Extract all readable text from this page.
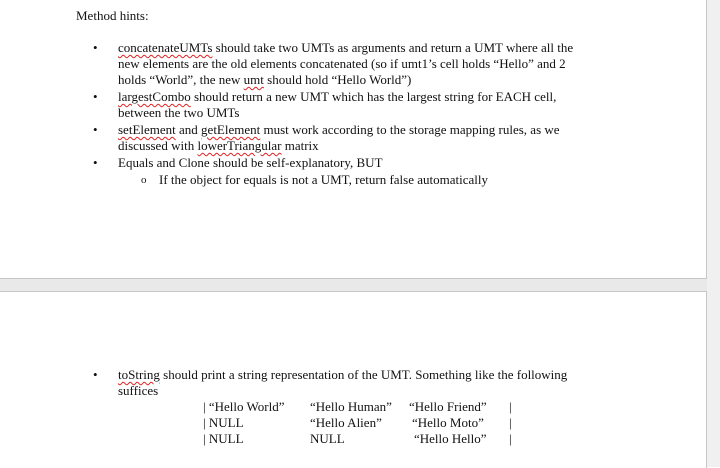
Method hints:
• concatenateUMTs should take two UMTs as arguments and return a UMT where all the
new elements are the old elements concatenated (so if umt1’s cell holds “Hello” and 2
holds “World”, the new umt should hold “Hello World”)
• largestCombo should return a new UMT which has the largest string for EACH cell,
between the two UMTs
• setElement and getElement must work according to the storage mapping rules, as we
discussed with lowerTriangular matrix
• Equals and Clone should be self-explanatory, BUT
o If the object for equals is not a UMT, return false automatically
• toString should print a string representation of the UMT. Something like the following
suffices
| “Hello World” “Hello Human” “Hello Friend” |
| NULL	“Hello Alien” “Hello Moto” |
| NULL	NULL	“Hello Hello” |
